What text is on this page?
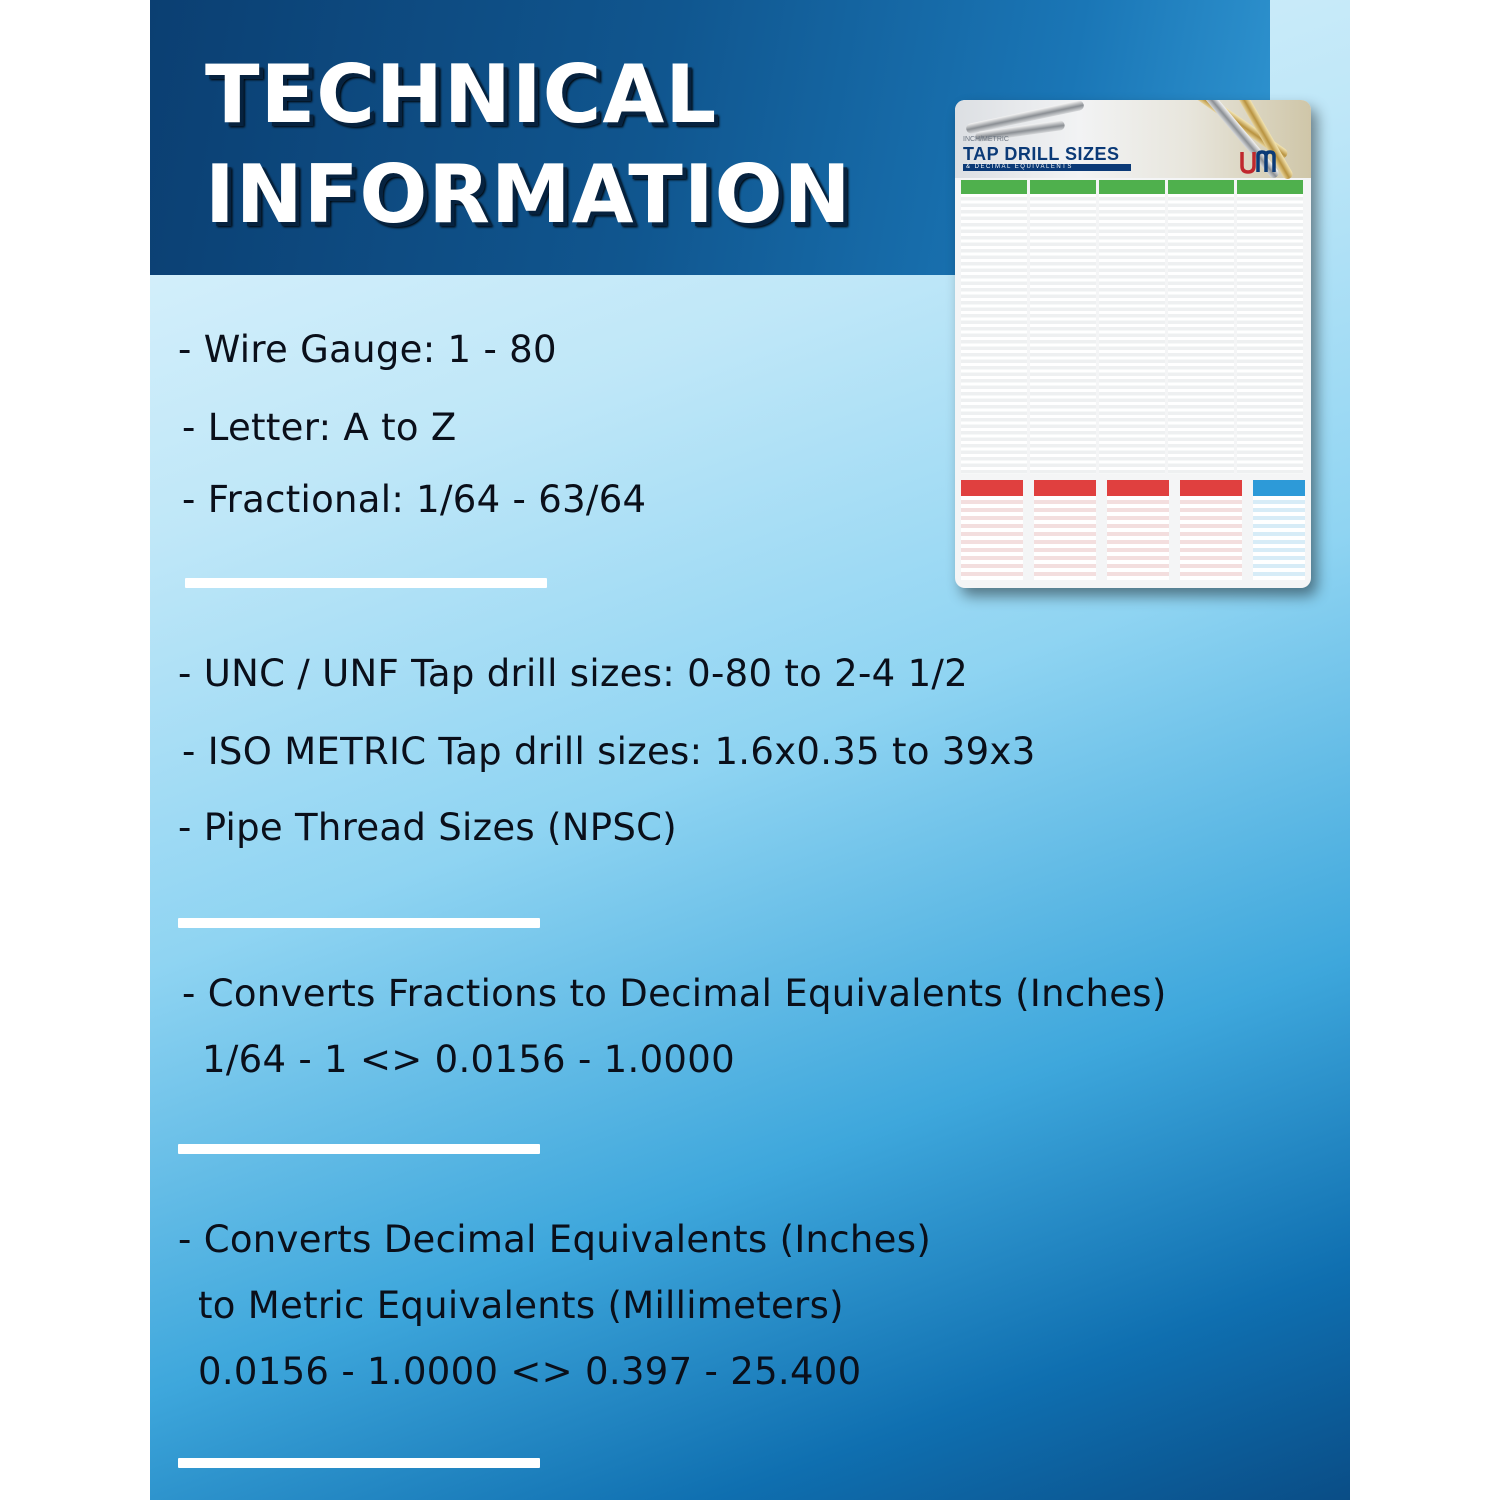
TECHNICAL
INFORMATION
INCH/METRIC
TAP DRILL SIZES
& DECIMAL EQUIVALENTS
- Wire Gauge: 1 - 80
- Letter: A to Z
- Fractional: 1/64 - 63/64
- UNC / UNF Tap drill sizes: 0-80 to 2-4 1/2
- ISO METRIC Tap drill sizes: 1.6x0.35 to 39x3
- Pipe Thread Sizes (NPSC)
- Converts Fractions to Decimal Equivalents (Inches)
1/64 - 1 <> 0.0156 - 1.0000
- Converts Decimal Equivalents (Inches)
to Metric Equivalents (Millimeters)
0.0156 - 1.0000 <> 0.397 - 25.400
